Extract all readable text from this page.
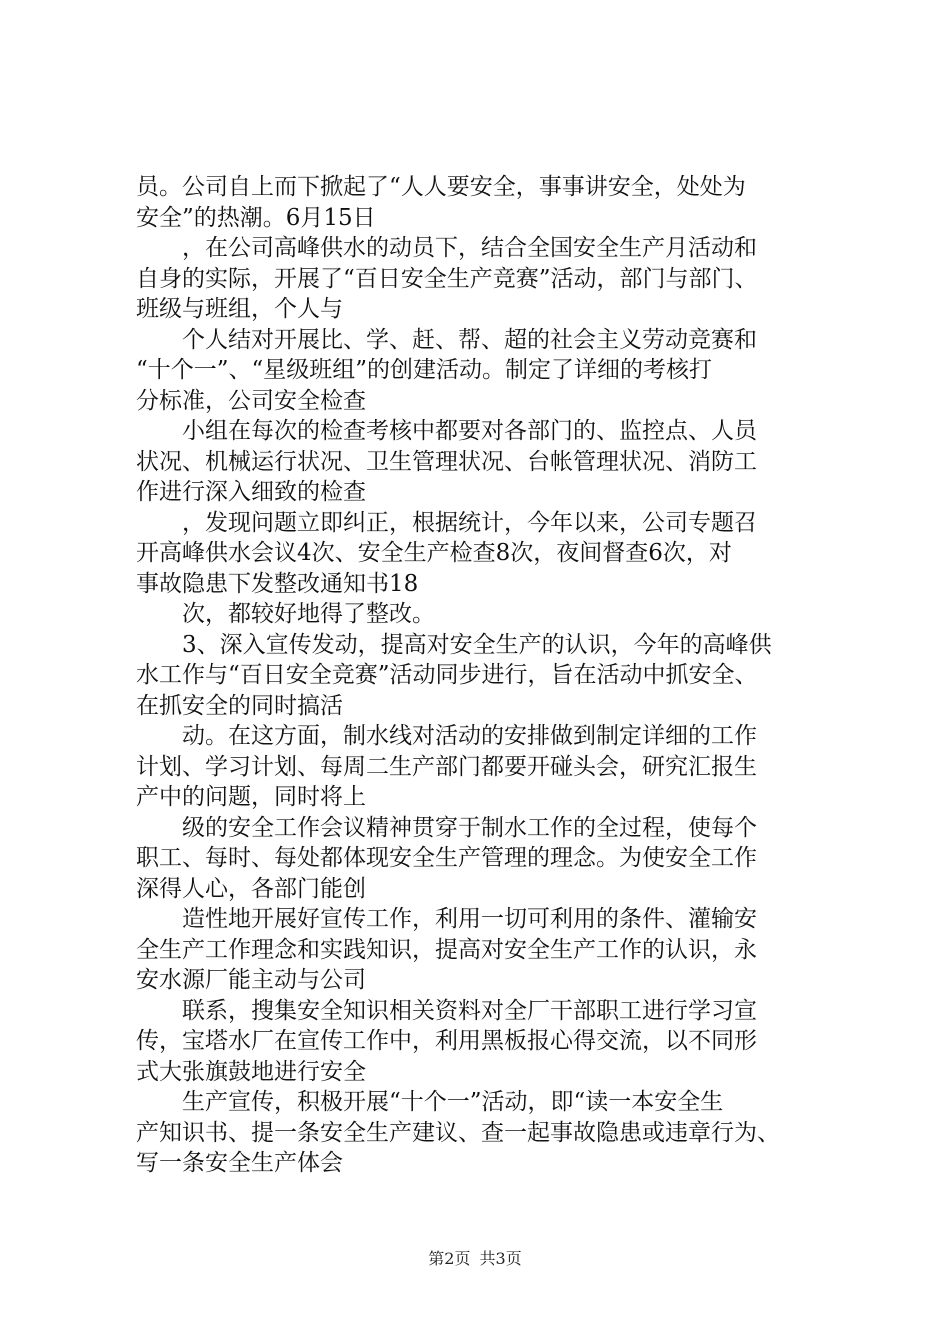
员。公司自上而下掀起了“人人要安全，事事讲安全，处处为
安全”的热潮。6月15日
，在公司高峰供水的动员下，结合全国安全生产月活动和
自身的实际，开展了“百日安全生产竞赛”活动，部门与部门、
班级与班组，个人与
个人结对开展比、学、赶、帮、超的社会主义劳动竞赛和
“十个一”、“星级班组”的创建活动。制定了详细的考核打
分标准，公司安全检查
小组在每次的检查考核中都要对各部门的、监控点、人员
状况、机械运行状况、卫生管理状况、台帐管理状况、消防工
作进行深入细致的检查
，发现问题立即纠正，根据统计，今年以来，公司专题召
开高峰供水会议4次、安全生产检查8次，夜间督查6次，对
事故隐患下发整改通知书18
次，都较好地得了整改。
3、深入宣传发动，提高对安全生产的认识，今年的高峰供
水工作与“百日安全竞赛”活动同步进行，旨在活动中抓安全、
在抓安全的同时搞活
动。在这方面，制水线对活动的安排做到制定详细的工作
计划、学习计划、每周二生产部门都要开碰头会，研究汇报生
产中的问题，同时将上
级的安全工作会议精神贯穿于制水工作的全过程，使每个
职工、每时、每处都体现安全生产管理的理念。为使安全工作
深得人心，各部门能创
造性地开展好宣传工作，利用一切可利用的条件、灌输安
全生产工作理念和实践知识，提高对安全生产工作的认识，永
安水源厂能主动与公司
联系，搜集安全知识相关资料对全厂干部职工进行学习宣
传，宝塔水厂在宣传工作中，利用黑板报心得交流，以不同形
式大张旗鼓地进行安全
生产宣传，积极开展“十个一”活动，即“读一本安全生
产知识书、提一条安全生产建议、查一起事故隐患或违章行为、
写一条安全生产体会
第2页 共3页
